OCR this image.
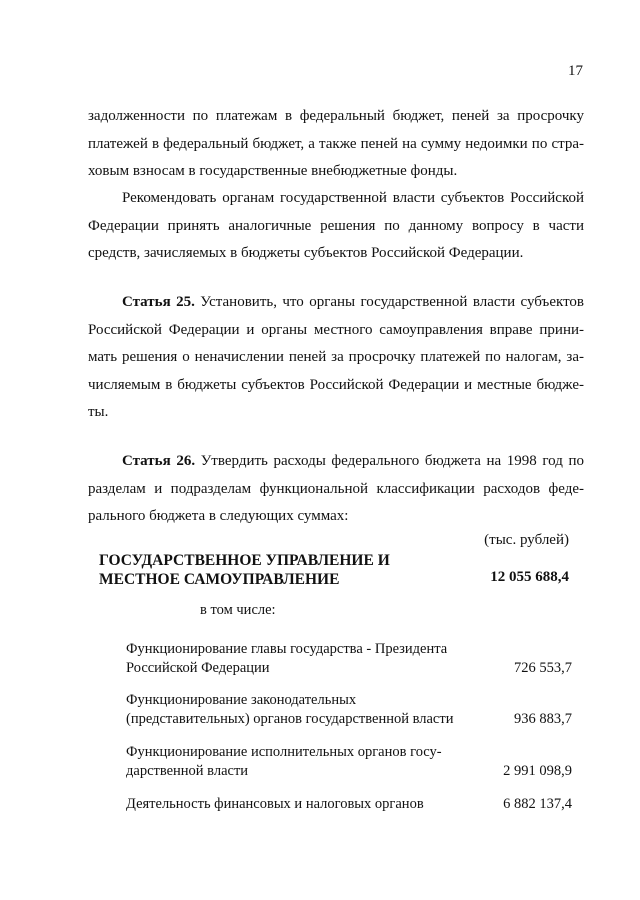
17

задолженности по платежам в федеральный бюджет, пеней за просрочку
платежей в федеральный бюджет, а также пеней на сумму недоимки по стра-
ховым взносам в государственные внебюджетные фонды.

Рекомендовать органам государственной власти субъектов Российской
Федерации принять аналогичные решения по данному вопросу в части
средств, зачисляемых в бюджеты субъектов Российской Федерации.

Статья 25. Установить, что органы государственной власти субъектов
Российской Федерации и органы местного самоуправления вправе прини-
мать решения о неначислении пеней за просрочку платежей по налогам, за-
числяемым в бюджеты субъектов Российской Федерации и местные бюдже-
ты.

Статья 26. Утвердить расходы федерального бюджета на 1998 год по
разделам и подразделам функциональной классификации расходов феде-
рального бюджета в следующих суммах:

(тыс. рублей)
ГОСУДАРСТВЕННОЕ УПРАВЛЕНИЕ И МЕСТНОЕ САМОУПРАВЛЕНИЕ	12 055 688,4
в том числе:
Функционирование главы государства - Президента Российской Федерации	726 553,7
Функционирование законодательных (представительных) органов государственной власти	936 883,7
Функционирование исполнительных органов госу-дарственной власти	2 991 098,9
Деятельность финансовых и налоговых органов	6 882 137,4
